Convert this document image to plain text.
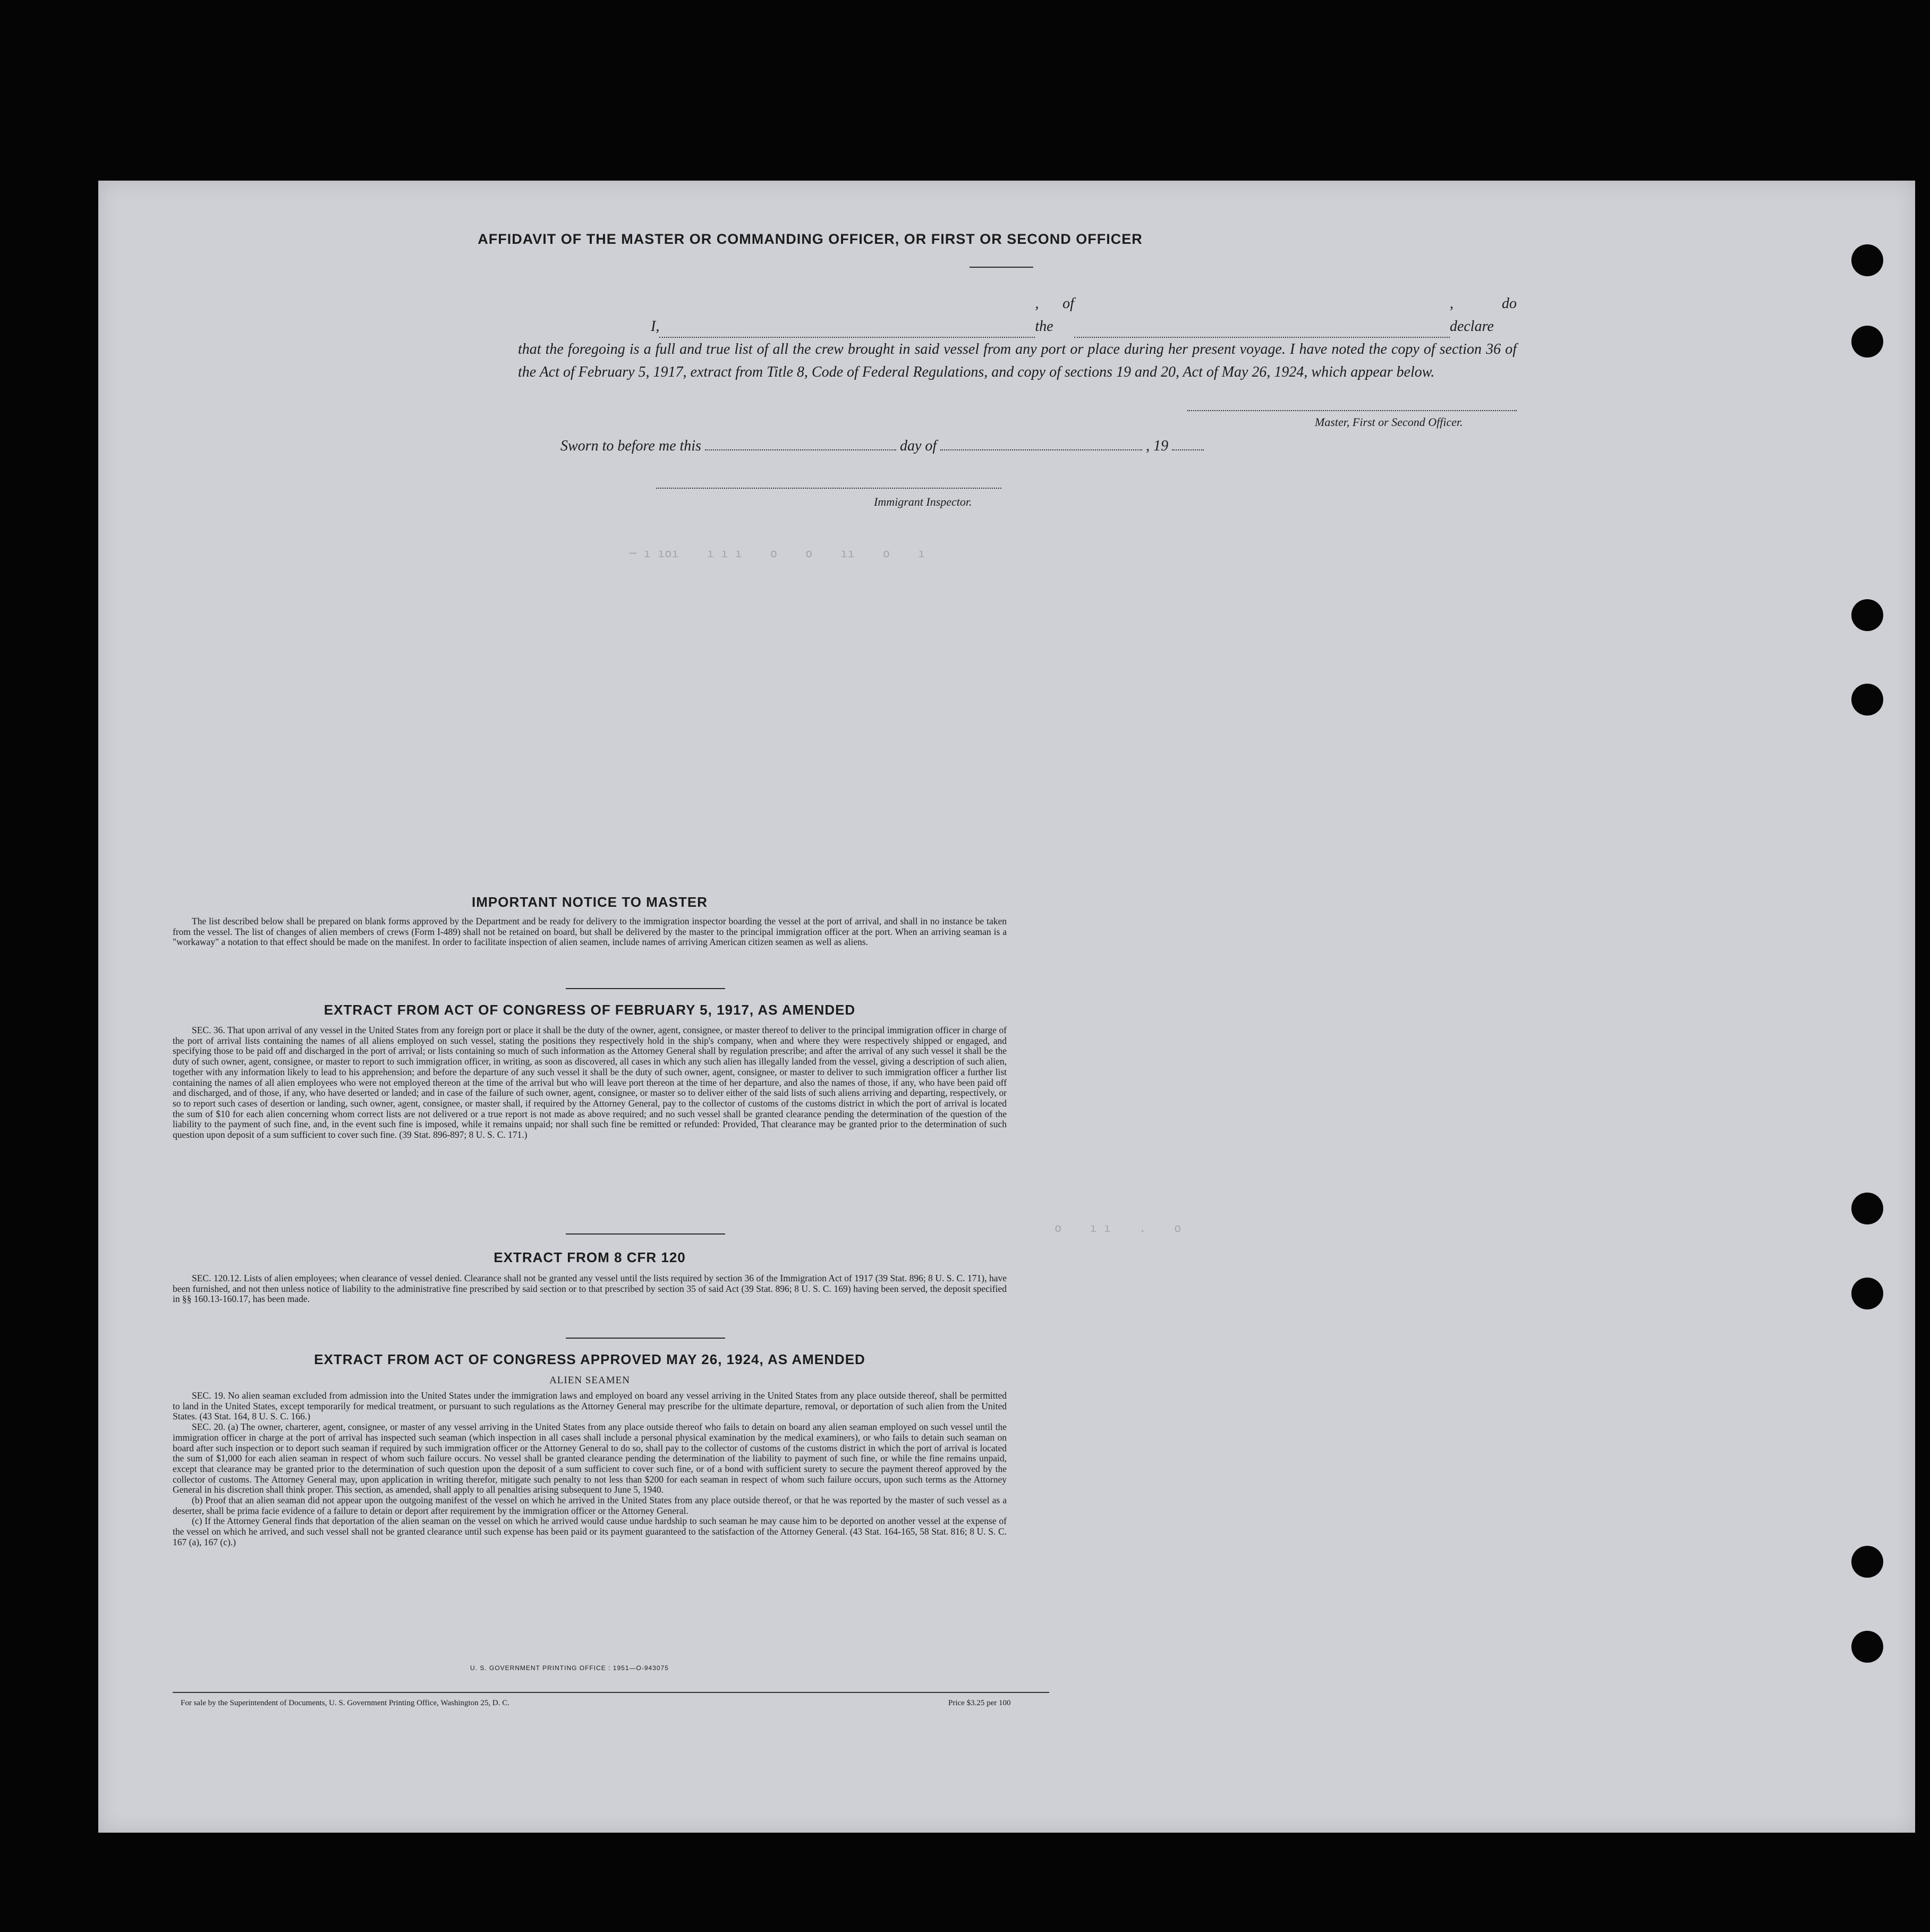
AFFIDAVIT OF THE MASTER OR COMMANDING OFFICER, OR FIRST OR SECOND OFFICER
I,
, of the
, do declare
that the foregoing is a full and true list of all the crew brought in said vessel from any port or place during her present voyage. I have noted the copy of section 36 of the Act of February 5, 1917, extract from Title 8, Code of Federal Regulations, and copy of sections 19 and 20, Act of May 26, 1924, which appear below.
Master, First or Second Officer.
Sworn to before me this	day of	, 19
Immigrant Inspector.
─ ı ıoı    ı ı ı    o    o    ıı    o    ı
o    ı ı    .    o
IMPORTANT NOTICE TO MASTER

The list described below shall be prepared on blank forms approved by the Department and be ready for delivery to the immigration inspector boarding the vessel at the port of arrival, and shall in no instance be taken from the vessel. The list of changes of alien members of crews (Form I-489) shall not be retained on board, but shall be delivered by the master to the principal immigration officer at the port. When an arriving seaman is a "workaway" a notation to that effect should be made on the manifest. In order to facilitate inspection of alien seamen, include names of arriving American citizen seamen as well as aliens.

EXTRACT FROM ACT OF CONGRESS OF FEBRUARY 5, 1917, AS AMENDED

SEC. 36. That upon arrival of any vessel in the United States from any foreign port or place it shall be the duty of the owner, agent, consignee, or master thereof to deliver to the principal immigration officer in charge of the port of arrival lists containing the names of all aliens employed on such vessel, stating the positions they respectively hold in the ship's company, when and where they were respectively shipped or engaged, and specifying those to be paid off and discharged in the port of arrival; or lists containing so much of such information as the Attorney General shall by regulation prescribe; and after the arrival of any such vessel it shall be the duty of such owner, agent, consignee, or master to report to such immigration officer, in writing, as soon as discovered, all cases in which any such alien has illegally landed from the vessel, giving a description of such alien, together with any information likely to lead to his apprehension; and before the departure of any such vessel it shall be the duty of such owner, agent, consignee, or master to deliver to such immigration officer a further list containing the names of all alien employees who were not employed thereon at the time of the arrival but who will leave port thereon at the time of her departure, and also the names of those, if any, who have been paid off and discharged, and of those, if any, who have deserted or landed; and in case of the failure of such owner, agent, consignee, or master so to deliver either of the said lists of such aliens arriving and departing, respectively, or so to report such cases of desertion or landing, such owner, agent, consignee, or master shall, if required by the Attorney General, pay to the collector of customs of the customs district in which the port of arrival is located the sum of $10 for each alien concerning whom correct lists are not delivered or a true report is not made as above required; and no such vessel shall be granted clearance pending the determination of the question of the liability to the payment of such fine, and, in the event such fine is imposed, while it remains unpaid; nor shall such fine be remitted or refunded: Provided, That clearance may be granted prior to the determination of such question upon deposit of a sum sufficient to cover such fine. (39 Stat. 896-897; 8 U. S. C. 171.)

EXTRACT FROM 8 CFR 120

SEC. 120.12. Lists of alien employees; when clearance of vessel denied. Clearance shall not be granted any vessel until the lists required by section 36 of the Immigration Act of 1917 (39 Stat. 896; 8 U. S. C. 171), have been furnished, and not then unless notice of liability to the administrative fine prescribed by said section or to that prescribed by section 35 of said Act (39 Stat. 896; 8 U. S. C. 169) having been served, the deposit specified in §§ 160.13-160.17, has been made.

EXTRACT FROM ACT OF CONGRESS APPROVED MAY 26, 1924, AS AMENDED
ALIEN SEAMEN

SEC. 19. No alien seaman excluded from admission into the United States under the immigration laws and employed on board any vessel arriving in the United States from any place outside thereof, shall be permitted to land in the United States, except temporarily for medical treatment, or pursuant to such regulations as the Attorney General may prescribe for the ultimate departure, removal, or deportation of such alien from the United States. (43 Stat. 164, 8 U. S. C. 166.)

SEC. 20. (a) The owner, charterer, agent, consignee, or master of any vessel arriving in the United States from any place outside thereof who fails to detain on board any alien seaman employed on such vessel until the immigration officer in charge at the port of arrival has inspected such seaman (which inspection in all cases shall include a personal physical examination by the medical examiners), or who fails to detain such seaman on board after such inspection or to deport such seaman if required by such immigration officer or the Attorney General to do so, shall pay to the collector of customs of the customs district in which the port of arrival is located the sum of $1,000 for each alien seaman in respect of whom such failure occurs. No vessel shall be granted clearance pending the determination of the liability to payment of such fine, or while the fine remains unpaid, except that clearance may be granted prior to the determination of such question upon the deposit of a sum sufficient to cover such fine, or of a bond with sufficient surety to secure the payment thereof approved by the collector of customs. The Attorney General may, upon application in writing therefor, mitigate such penalty to not less than $200 for each seaman in respect of whom such failure occurs, upon such terms as the Attorney General in his discretion shall think proper. This section, as amended, shall apply to all penalties arising subsequent to June 5, 1940.

(b) Proof that an alien seaman did not appear upon the outgoing manifest of the vessel on which he arrived in the United States from any place outside thereof, or that he was reported by the master of such vessel as a deserter, shall be prima facie evidence of a failure to detain or deport after requirement by the immigration officer or the Attorney General.

(c) If the Attorney General finds that deportation of the alien seaman on the vessel on which he arrived would cause undue hardship to such seaman he may cause him to be deported on another vessel at the expense of the vessel on which he arrived, and such vessel shall not be granted clearance until such expense has been paid or its payment guaranteed to the satisfaction of the Attorney General. (43 Stat. 164-165, 58 Stat. 816; 8 U. S. C. 167 (a), 167 (c).)

U. S. GOVERNMENT PRINTING OFFICE : 1951—O-943075
For sale by the Superintendent of Documents, U. S. Government Printing Office, Washington 25, D. C.	Price $3.25 per 100
